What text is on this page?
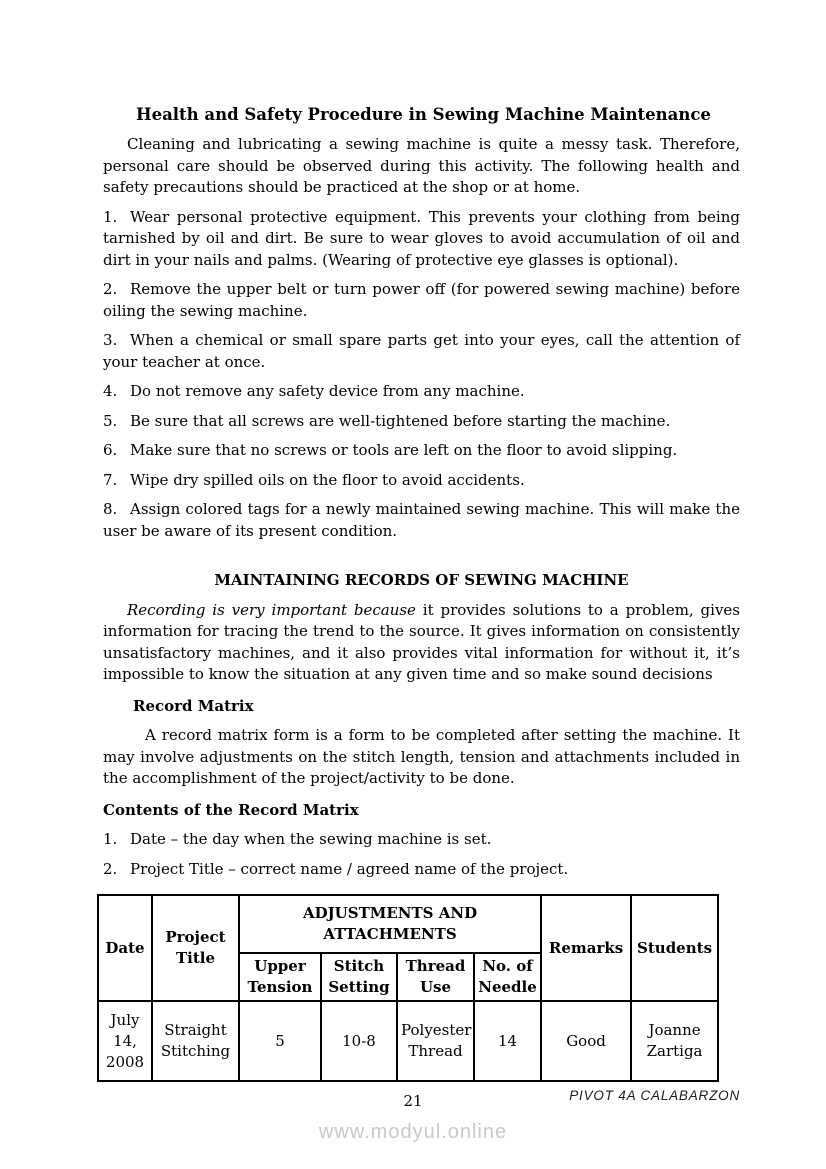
Health and Safety Procedure in Sewing Machine Maintenance

Cleaning and lubricating a sewing machine is quite a messy task. Therefore, personal care should be observed during this activity. The following health and safety precautions should be practiced at the shop or at home.

1. Wear personal protective equipment. This prevents your clothing from being tarnished by oil and dirt. Be sure to wear gloves to avoid accumulation of oil and dirt in your nails and palms. (Wearing of protective eye glasses is optional).

2. Remove the upper belt or turn power off (for powered sewing machine) before oiling the sewing machine.

3. When a chemical or small spare parts get into your eyes, call the attention of your teacher at once.

4. Do not remove any safety device from any machine.

5. Be sure that all screws are well-tightened before starting the machine.

6. Make sure that no screws or tools are left on the floor to avoid slipping.

7. Wipe dry spilled oils on the floor to avoid accidents.

8. Assign colored tags for a newly maintained sewing machine. This will make the user be aware of its present condition.

MAINTAINING RECORDS OF SEWING MACHINE

Recording is very important because it provides solutions to a problem, gives information for tracing the trend to the source. It gives information on consistently unsatisfactory machines, and it also provides vital information for without it, it’s impossible to know the situation at any given time and so make sound decisions

Record Matrix

A record matrix form is a form to be completed after setting the machine. It may involve adjustments on the stitch length, tension and attachments included in the accomplishment of the project/activity to be done.

Contents of the Record Matrix

1. Date – the day when the sewing machine is set.

2. Project Title – correct name / agreed name of the project.

Date	Project Title	ADJUSTMENTS AND ATTACHMENTS				Remarks	Students
		Upper Tension	Stitch Setting	Thread Use	No. of Needle		
July 14, 2008	Straight Stitching	5	10-8	Polyester Thread	14	Good	Joanne Zartiga
PIVOT 4A CALABARZON
21
www.modyul.online
